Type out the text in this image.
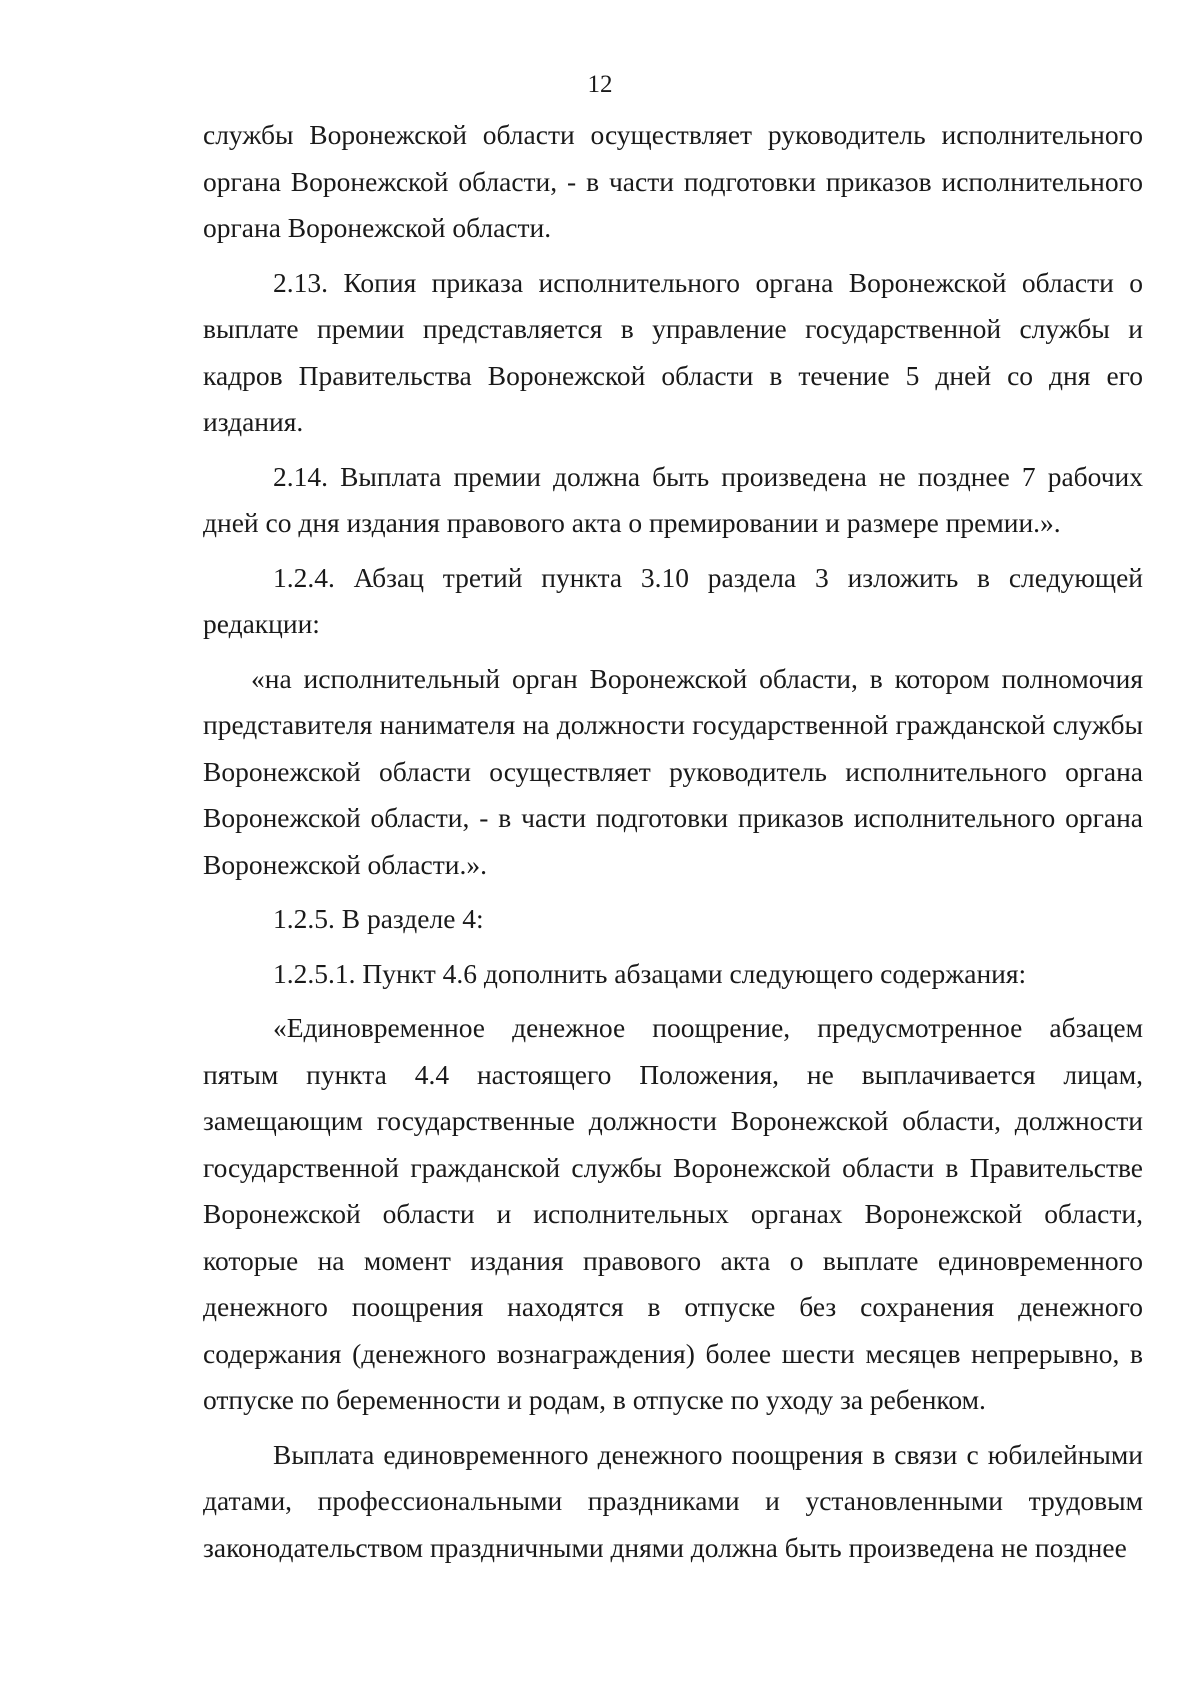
12

службы Воронежской области осуществляет руководитель исполнительного органа Воронежской области, - в части подготовки приказов исполнительного органа Воронежской области.

2.13. Копия приказа исполнительного органа Воронежской области о выплате премии представляется в управление государственной службы и кадров Правительства Воронежской области в течение 5 дней со дня его издания.

2.14. Выплата премии должна быть произведена не позднее 7 рабочих дней со дня издания правового акта о премировании и размере премии.».

1.2.4. Абзац третий пункта 3.10 раздела 3 изложить в следующей редакции:

«на исполнительный орган Воронежской области, в котором полномочия представителя нанимателя на должности государственной гражданской службы Воронежской области осуществляет руководитель исполнительного органа Воронежской области, - в части подготовки приказов исполнительного органа Воронежской области.».

1.2.5. В разделе 4:

1.2.5.1. Пункт 4.6 дополнить абзацами следующего содержания:

«Единовременное денежное поощрение, предусмотренное абзацем пятым пункта 4.4 настоящего Положения, не выплачивается лицам, замещающим государственные должности Воронежской области, должности государственной гражданской службы Воронежской области в Правительстве Воронежской области и исполнительных органах Воронежской области, которые на момент издания правового акта о выплате единовременного денежного поощрения находятся в отпуске без сохранения денежного содержания (денежного вознаграждения) более шести месяцев непрерывно, в отпуске по беременности и родам, в отпуске по уходу за ребенком.

Выплата единовременного денежного поощрения в связи с юбилейными датами, профессиональными праздниками и установленными трудовым законодательством праздничными днями должна быть произведена не позднее
